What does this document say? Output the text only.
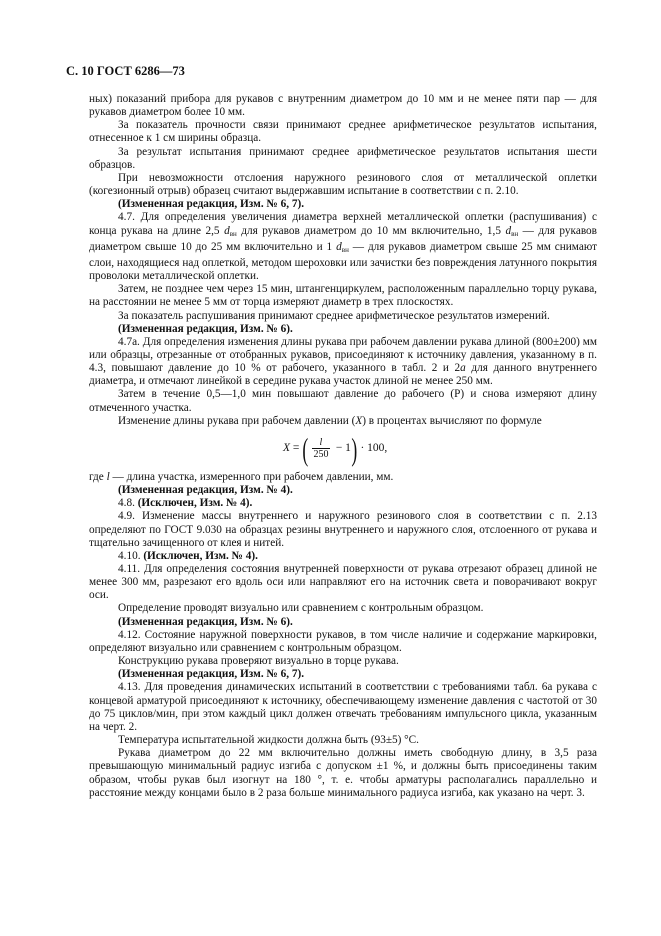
С. 10 ГОСТ 6286—73

ных) показаний прибора для рукавов с внутренним диаметром до 10 мм и не менее пяти пар — для рукавов диаметром более 10 мм.

За показатель прочности связи принимают среднее арифметическое результатов испытания, отнесенное к 1 см ширины образца.

За результат испытания принимают среднее арифметическое результатов испытания шести образцов.

При невозможности отслоения наружного резинового слоя от металлической оплетки (когезионный отрыв) образец считают выдержавшим испытание в соответствии с п. 2.10.

(Измененная редакция, Изм. № 6, 7).

4.7. Для определения увеличения диаметра верхней металлической оплетки (распушивания) с конца рукава на длине 2,5 $d_{вн}$ для рукавов диаметром до 10 мм включительно, 1,5 $d_{вн}$ — для рукавов диаметром свыше 10 до 25 мм включительно и 1 $d_{вн}$ — для рукавов диаметром свыше 25 мм снимают слои, находящиеся над оплеткой, методом шероховки или зачистки без повреждения латунного покрытия проволоки металлической оплетки.

Затем, не позднее чем через 15 мин, штангенциркулем, расположенным параллельно торцу рукава, на расстоянии не менее 5 мм от торца измеряют диаметр в трех плоскостях.

За показатель распушивания принимают среднее арифметическое результатов измерений.

(Измененная редакция, Изм. № 6).

4.7а. Для определения изменения длины рукава при рабочем давлении рукава длиной (800±200) мм или образцы, отрезанные от отобранных рукавов, присоединяют к источнику давления, указанному в п. 4.3, повышают давление до 10 % от рабочего, указанного в табл. 2 и 2а для данного внутреннего диаметра, и отмечают линейкой в середине рукава участок длиной не менее 250 мм.

Затем в течение 0,5—1,0 мин повышают давление до рабочего (Р) и снова измеряют длину отмеченного участка.

Изменение длины рукава при рабочем давлении (X) в процентах вычисляют по формуле

X = ( $\frac{l}{250} - 1$ ) · 100,

где l — длина участка, измеренного при рабочем давлении, мм.

(Измененная редакция, Изм. № 4).

4.8. (Исключен, Изм. № 4).

4.9. Изменение массы внутреннего и наружного резинового слоя в соответствии с п. 2.13 определяют по ГОСТ 9.030 на образцах резины внутреннего и наружного слоя, отслоенного от рукава и тщательно зачищенного от клея и нитей.

4.10. (Исключен, Изм. № 4).

4.11. Для определения состояния внутренней поверхности от рукава отрезают образец длиной не менее 300 мм, разрезают его вдоль оси или направляют его на источник света и поворачивают вокруг оси.

Определение проводят визуально или сравнением с контрольным образцом.

(Измененная редакция, Изм. № 6).

4.12. Состояние наружной поверхности рукавов, в том числе наличие и содержание маркировки, определяют визуально или сравнением с контрольным образцом.

Конструкцию рукава проверяют визуально в торце рукава.

(Измененная редакция, Изм. № 6, 7).

4.13. Для проведения динамических испытаний в соответствии с требованиями табл. 6а рукава с концевой арматурой присоединяют к источнику, обеспечивающему изменение давления с частотой от 30 до 75 циклов/мин, при этом каждый цикл должен отвечать требованиям импульсного цикла, указанным на черт. 2.

Температура испытательной жидкости должна быть (93±5) °С.

Рукава диаметром до 22 мм включительно должны иметь свободную длину, в 3,5 раза превышающую минимальный радиус изгиба с допуском ±1 %, и должны быть присоединены таким образом, чтобы рукав был изогнут на 180 °, т. е. чтобы арматуры располагались параллельно и расстояние между концами было в 2 раза больше минимального радиуса изгиба, как указано на черт. 3.
